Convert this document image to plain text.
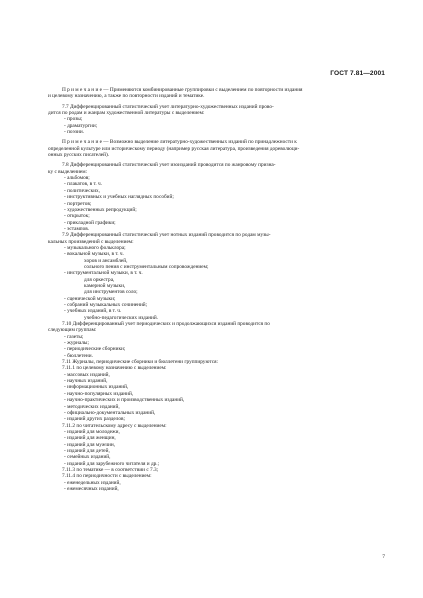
ГОСТ 7.81—2001
П р и м е ч а н и е — Применяются комбинированные группировки с выделением по повторности издания
и целевому назначению, а также по повторности изданий и тематике.
7.7 Дифференцированный статистический учет литературно-художественных изданий прово-
дится по родам и жанрам художественной литературы с выделением:
- прозы;
- драматургии;
- поэзии.
П р и м е ч а н и е — Возможно выделение литературно-художественных изданий по принадлежности к
определенной культуре или историческому периоду (например русская литература, произведения дореволюци-
онных русских писателей).
7.8 Дифференцированный статистический учет изоизданий проводится по жанровому призна-
ку с выделением:
- альбомов;
- плакатов, в т. ч.
- политических,
- инструктивных и учебных наглядных пособий;
- портретов;
- художественных репродукций;
- открыток;
- прикладной графики;
- эстампов.
7.9 Дифференцированный статистический учет нотных изданий проводится по родам музы-
кальных произведений с выделением:
- музыкального фольклора;
- вокальной музыки, в т. ч.
хоров и ансамблей,
сольного пения с инструментальным сопровождением;
- инструментальной музыки, в т. ч.
для оркестра,
камерной музыки,
для инструментов соло;
- сценической музыки;
- собраний музыкальных сочинений;
- учебных изданий, в т. ч.
учебно-педагогических изданий.
7.10 Дифференцированный учет периодических и продолжающихся изданий проводится по
следующим группам:
- газеты;
- журналы;
- периодические сборники;
- бюллетени.
7.11 Журналы, периодические сборники и бюллетени группируются:
7.11.1 по целевому назначению с выделением:
- массовых изданий,
- научных изданий,
- информационных изданий,
- научно-популярных изданий,
- научно-практических и производственных изданий,
- методических изданий,
- официально-документальных изданий,
- изданий других разделов;
7.11.2 по читательскому адресу с выделением:
- изданий для молодежи,
- изданий для женщин,
- изданий для мужчин,
- изданий для детей,
- семейных изданий,
- изданий для зарубежного читателя и др.;
7.11.3 по тематике — в соответствии с 7.3;
7.11.4 по периодичности с выделением:
- еженедельных изданий,
- ежемесячных изданий,
7
